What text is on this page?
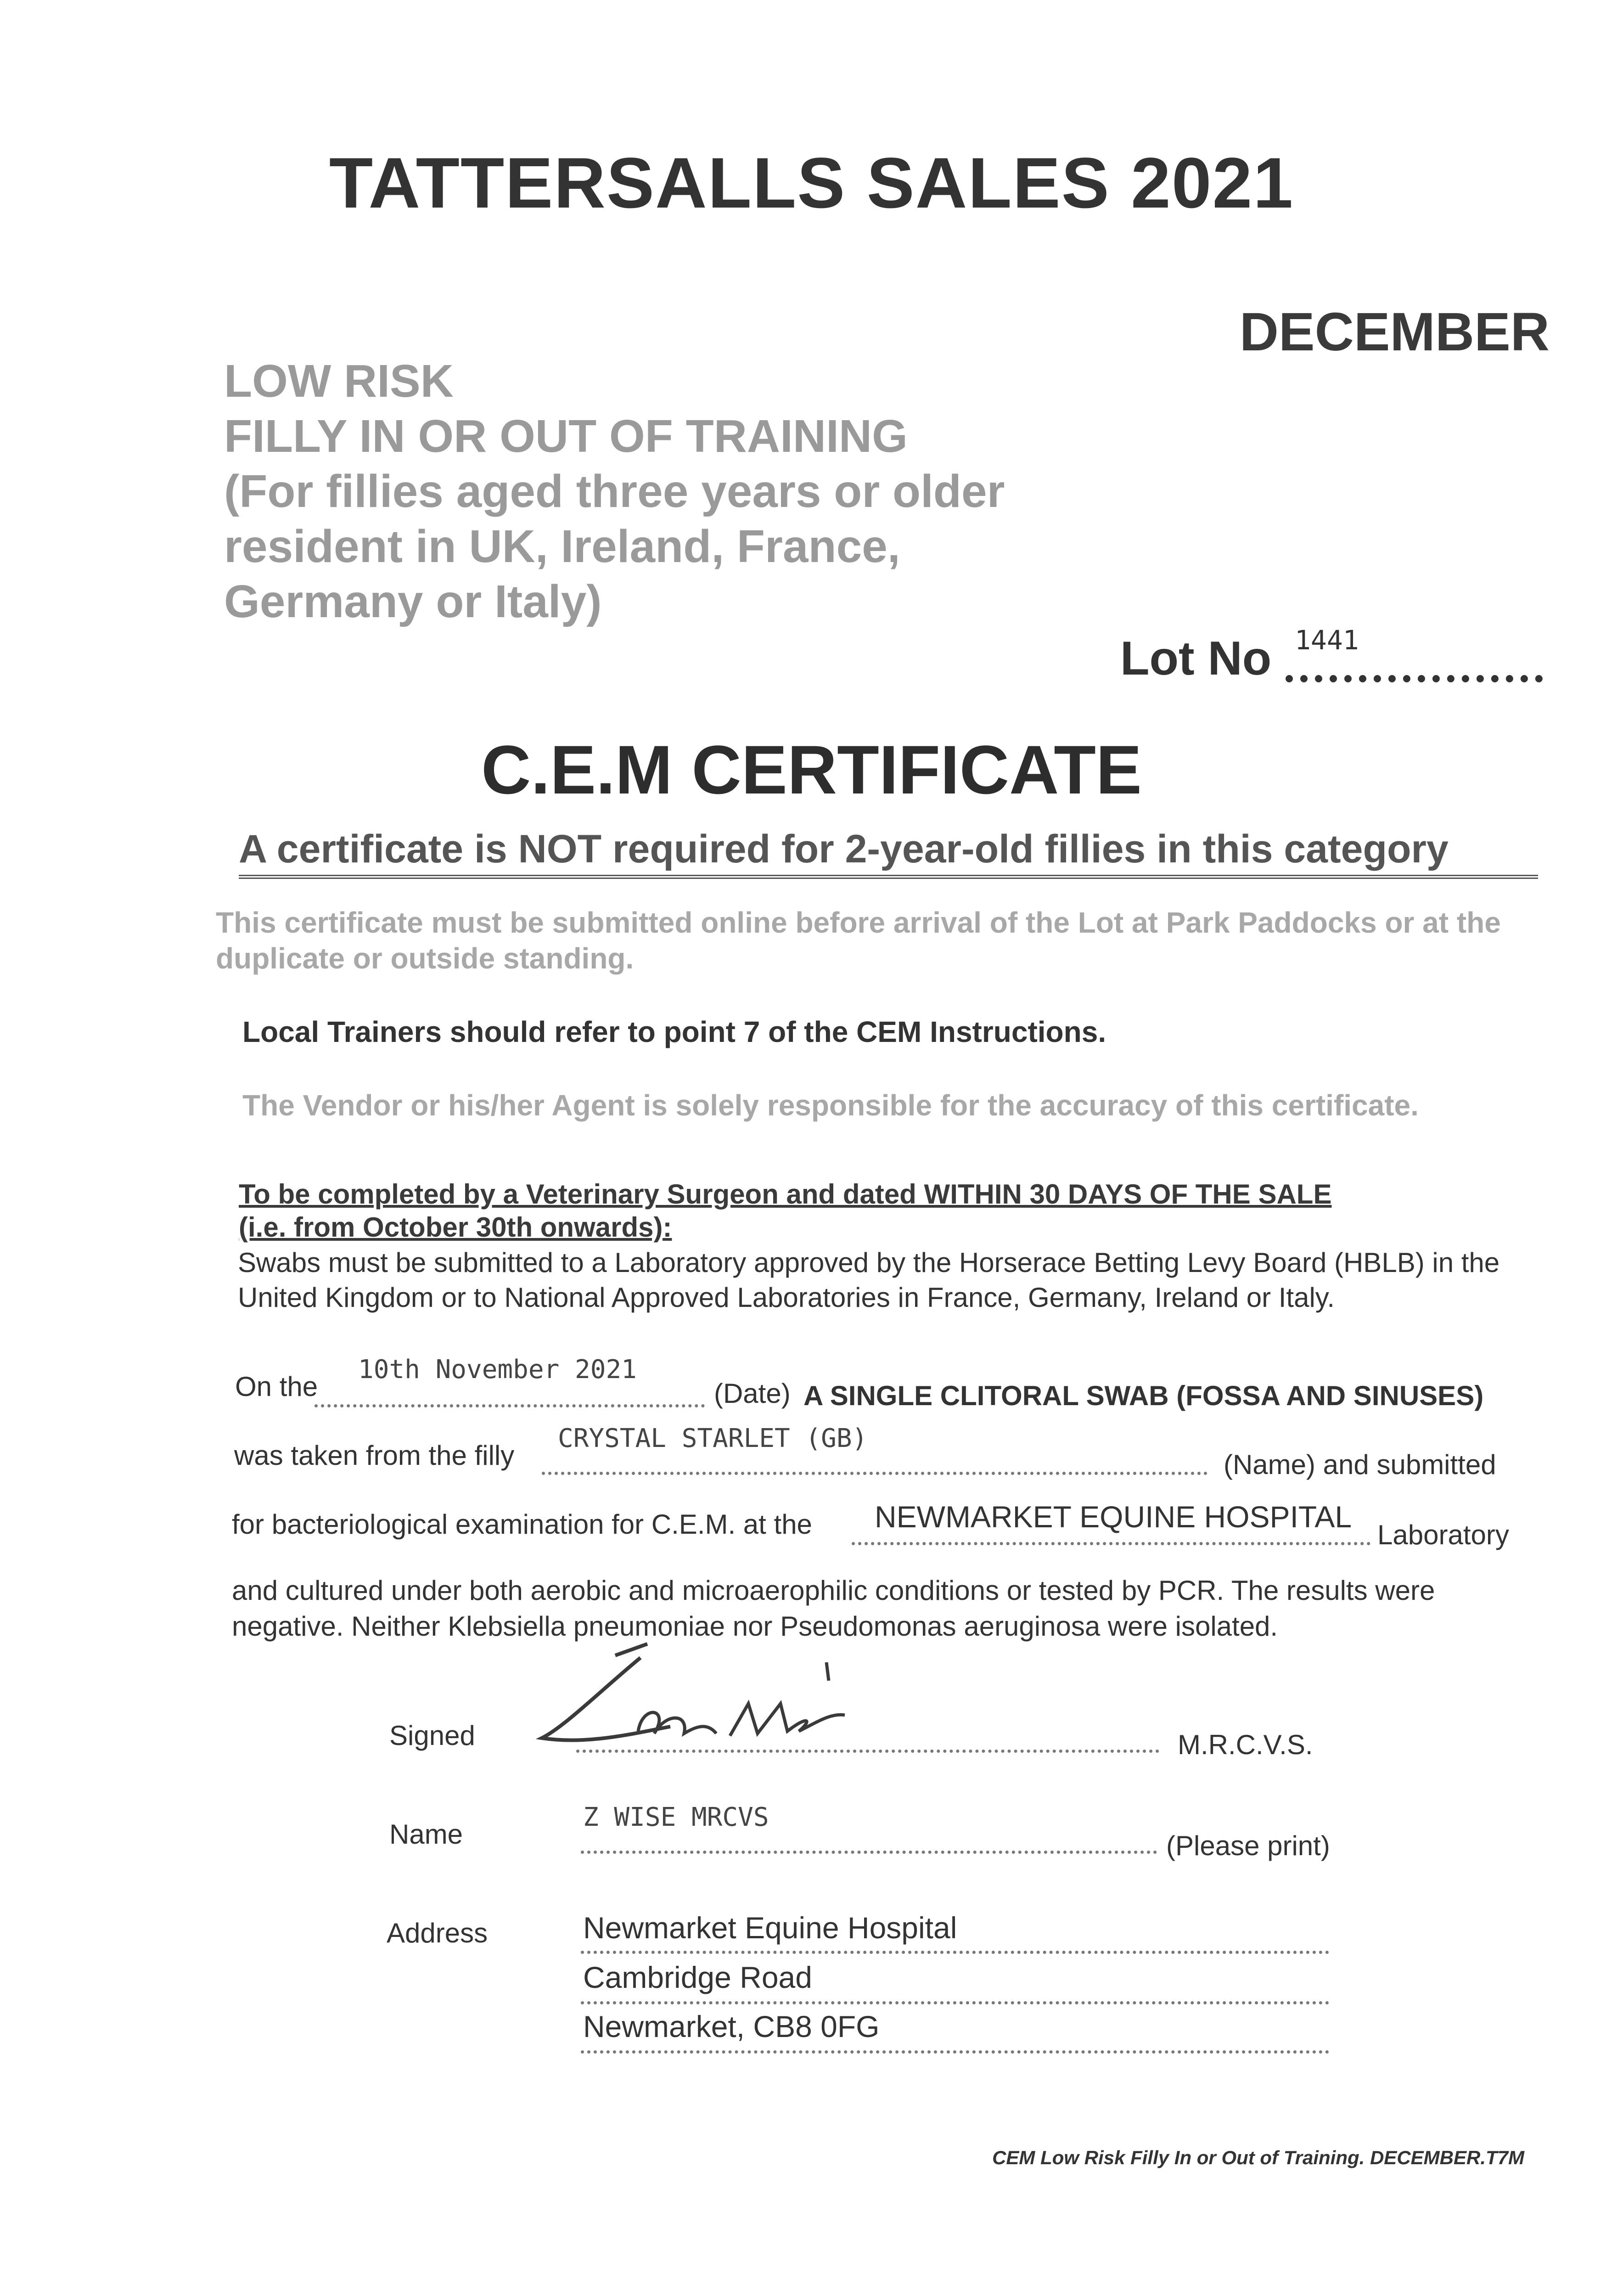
TATTERSALLS SALES 2021
DECEMBER
LOW RISK
FILLY IN OR OUT OF TRAINING
(For fillies aged three years or older
resident in UK, Ireland, France,
Germany or Italy)
Lot No 1441
C.E.M CERTIFICATE
A certificate is NOT required for 2-year-old fillies in this category
This certificate must be submitted online before arrival of the Lot at Park Paddocks or at the duplicate or outside standing.
Local Trainers should refer to point 7 of the CEM Instructions.
The Vendor or his/her Agent is solely responsible for the accuracy of this certificate.
To be completed by a Veterinary Surgeon and dated WITHIN 30 DAYS OF THE SALE
(i.e. from October 30th onwards):
Swabs must be submitted to a Laboratory approved by the Horserace Betting Levy Board (HBLB) in the United Kingdom or to National Approved Laboratories in France, Germany, Ireland or Italy.
On the
10th November 2021
(Date) A SINGLE CLITORAL SWAB (FOSSA AND SINUSES)
was taken from the filly
CRYSTAL STARLET (GB)
(Name) and submitted
for bacteriological examination for C.E.M. at the NEWMARKET EQUINE HOSPITAL
Laboratory
and cultured under both aerobic and microaerophilic conditions or tested by PCR. The results were negative. Neither Klebsiella pneumoniae nor Pseudomonas aeruginosa were isolated.
Signed	M.R.C.V.S.
Name
Z WISE MRCVS
(Please print)
Address	Newmarket Equine Hospital
Cambridge Road
Newmarket, CB8 0FG
CEM Low Risk Filly In or Out of Training. DECEMBER.T7M
